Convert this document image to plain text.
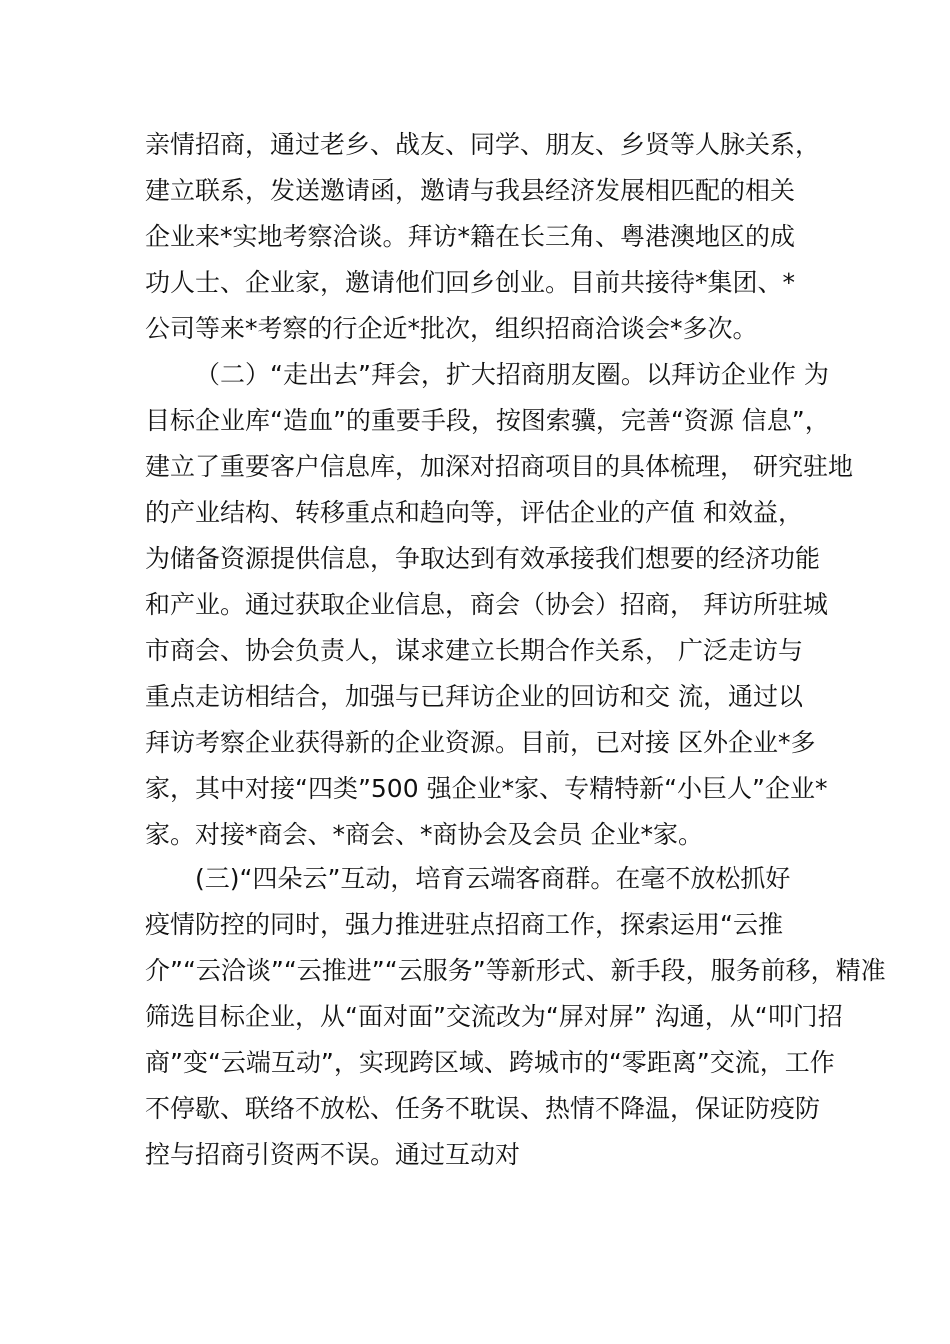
亲情招商，通过老乡、战友、同学、朋友、乡贤等人脉关系，
建立联系，发送邀请函，邀请与我县经济发展相匹配的相关
企业来*实地考察洽谈。拜访*籍在长三角、粤港澳地区的成
功人士、企业家，邀请他们回乡创业。目前共接待*集团、*
公司等来*考察的行企近*批次，组织招商洽谈会*多次。
（二）“走出去”拜会，扩大招商朋友圈。以拜访企业作 为
目标企业库“造血”的重要手段，按图索骥，完善“资源 信息”，
建立了重要客户信息库，加深对招商项目的具体梳理， 研究驻地
的产业结构、转移重点和趋向等，评估企业的产值 和效益，
为储备资源提供信息，争取达到有效承接我们想要的经济功能
和产业。通过获取企业信息，商会（协会）招商， 拜访所驻城
市商会、协会负责人，谋求建立长期合作关系， 广泛走访与
重点走访相结合，加强与已拜访企业的回访和交 流，通过以
拜访考察企业获得新的企业资源。目前，已对接 区外企业*多
家，其中对接“四类”500 强企业*家、专精特新“小巨人”企业*
家。对接*商会、*商会、*商协会及会员 企业*家。
(三)“四朵云”互动，培育云端客商群。在毫不放松抓好
疫情防控的同时，强力推进驻点招商工作，探索运用“云推
介”“云洽谈”“云推进”“云服务”等新形式、新手段，服务前移，精准
筛选目标企业，从“面对面”交流改为“屏对屏” 沟通，从“叩门招
商”变“云端互动”，实现跨区域、跨城市的“零距离”交流，工作
不停歇、联络不放松、任务不耽误、热情不降温，保证防疫防
控与招商引资两不误。通过互动对
